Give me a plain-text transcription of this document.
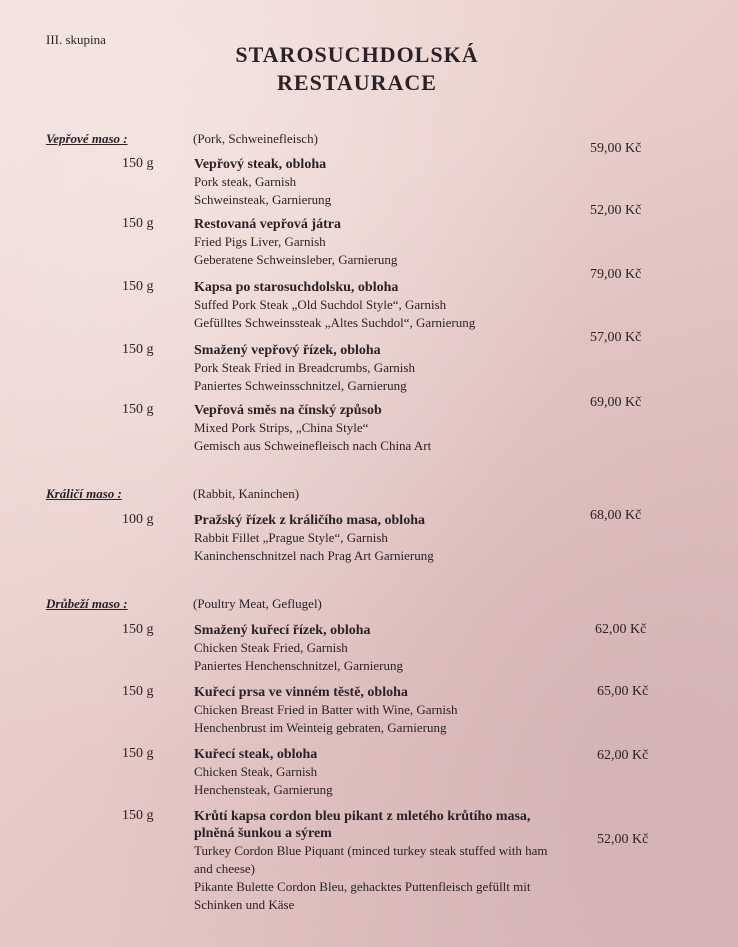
III. skupina
STAROSUCHDOLSKÁ
RESTAURACE
Vepřové maso :	(Pork, Schweinefleisch)
150 g	Vepřový steak, obloha
Pork steak, Garnish
Schweinsteak, Garnierung
59,00 Kč
150 g	Restovaná vepřová játra
Fried Pigs Liver, Garnish
Geberatene Schweinsleber, Garnierung
52,00 Kč
150 g	Kapsa po starosuchdolsku, obloha
Suffed Pork Steak „Old Suchdol Style“, Garnish
Gefülltes Schweinssteak „Altes Suchdol“, Garnierung
79,00 Kč
150 g	Smažený vepřový řízek, obloha
Pork Steak Fried in Breadcrumbs, Garnish
Paniertes Schweinsschnitzel, Garnierung
57,00 Kč
150 g	Vepřová směs na čínský způsob
Mixed Pork Strips, „China Style“
Gemisch aus Schweinefleisch nach China Art
69,00 Kč
Králičí maso :	(Rabbit, Kaninchen)
100 g	Pražský řízek z králičího masa, obloha
Rabbit Fillet „Prague Style“, Garnish
Kaninchenschnitzel nach Prag Art Garnierung
68,00 Kč
Drůbeží maso :	(Poultry Meat, Geflugel)
150 g	Smažený kuřecí řízek, obloha
Chicken Steak Fried, Garnish
Paniertes Henchenschnitzel, Garnierung
62,00 Kč
150 g	Kuřecí prsa ve vinném těstě, obloha
Chicken Breast Fried in Batter with Wine, Garnish
Henchenbrust im Weinteig gebraten, Garnierung
65,00 Kč
150 g	Kuřecí steak, obloha
Chicken Steak, Garnish
Henchensteak, Garnierung
62,00 Kč
150 g	Krůtí kapsa cordon bleu pikant z mletého krůtího masa, plněná šunkou a sýrem
Turkey Cordon Blue Piquant (minced turkey steak stuffed with ham and cheese)
Pikante Bulette Cordon Bleu, gehacktes Puttenfleisch gefüllt mit Schinken und Käse
52,00 Kč
